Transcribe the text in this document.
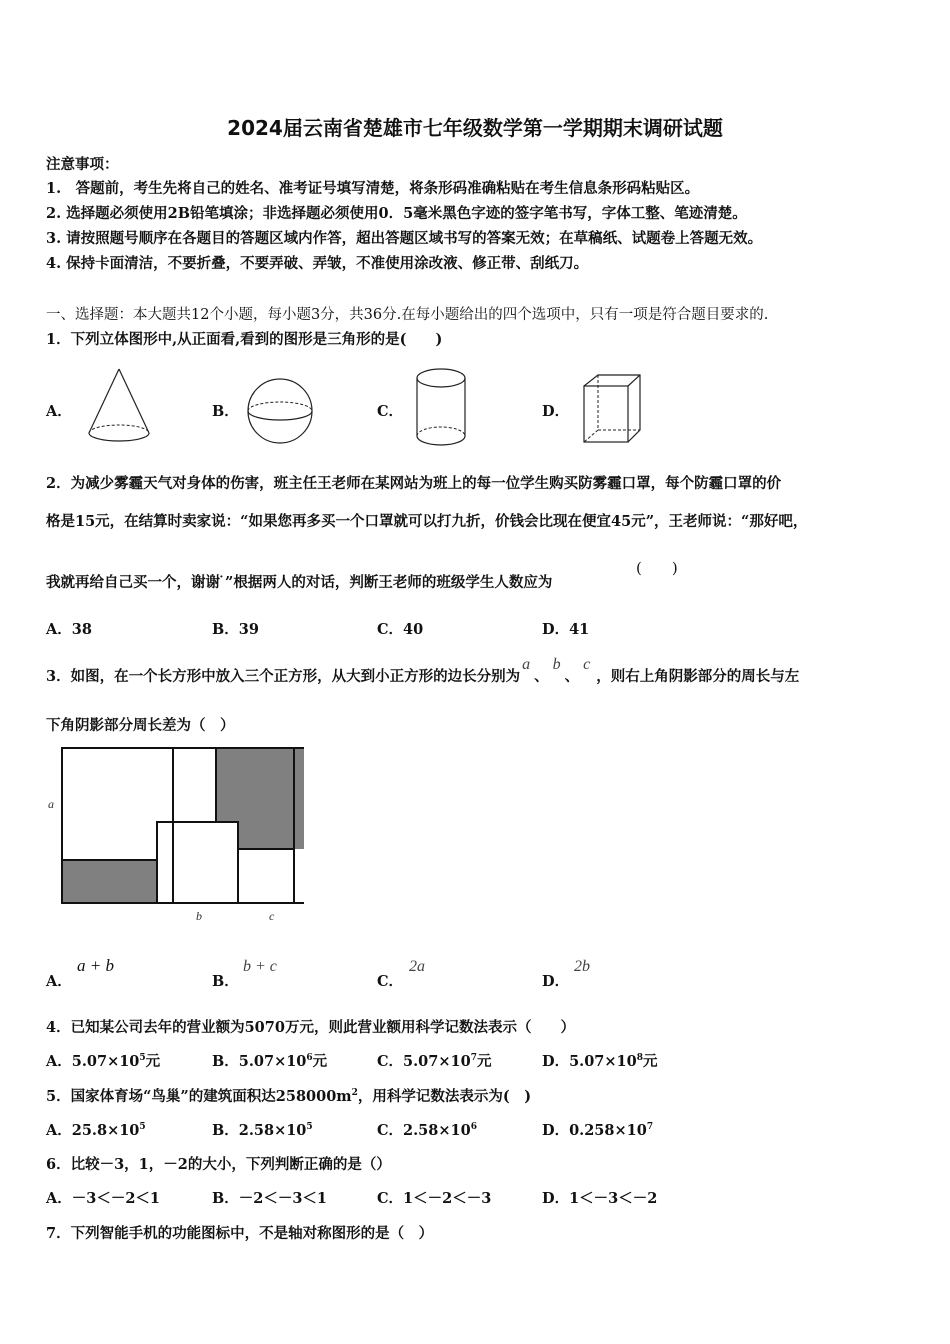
2024届云南省楚雄市七年级数学第一学期期末调研试题
注意事项：
1.　答题前，考生先将自己的姓名、准考证号填写清楚，将条形码准确粘贴在考生信息条形码粘贴区。
2. 选择题必须使用2B铅笔填涂；非选择题必须使用0．5毫米黑色字迹的签字笔书写，字体工整、笔迹清楚。
3. 请按照题号顺序在各题目的答题区域内作答，超出答题区域书写的答案无效；在草稿纸、试题卷上答题无效。
4. 保持卡面清洁，不要折叠，不要弄破、弄皱，不准使用涂改液、修正带、刮纸刀。
一、选择题：本大题共12个小题，每小题3分，共36分.在每小题给出的四个选项中，只有一项是符合题目要求的.
1．下列立体图形中,从正面看,看到的图形是三角形的是(　　)
A．	B．	C．	D．
2．为减少雾霾天气对身体的伤害，班主任王老师在某网站为班上的每一位学生购买防雾霾口罩，每个防霾口罩的价
格是15元，在结算时卖家说：“如果您再多买一个口罩就可以打九折，价钱会比现在便宜45元”，王老师说：“那好吧，
我就再给自己买一个，谢谢 ̇”根据两人的对话，判断王老师的班级学生人数应为
(　　)
A．38	B．39	C．40	D．41
3．如图，在一个长方形中放入三个正方形，从大到小正方形的边长分别为a、b、c，则右上角阴影部分的周长与左
下角阴影部分周长差为（　）
a
b	c
A．
a + b
B．
b + c
C．
2a
D．
2b
4．已知某公司去年的营业额为5070万元，则此营业额用科学记数法表示（　　）
A．$5.07\times 10^5$元	B．$5.07\times 10^6$元	C．$5.07\times 10^7$元	D．$5.07\times 10^8$元
5．国家体育场“鸟巢”的建筑面积达$258000m^2$，用科学记数法表示为(　)
A．$25.8\times 10^5$	B．$2.58\times 10^5$	C．$2.58\times 10^6$	D．$0.258\times 10^7$
6．比较－3，1，－2的大小，下列判断正确的是（）
A．－3＜－2＜1	B．－2＜－3＜1	C．1＜－2＜－3	D．1＜－3＜－2
7．下列智能手机的功能图标中，不是轴对称图形的是（　）
